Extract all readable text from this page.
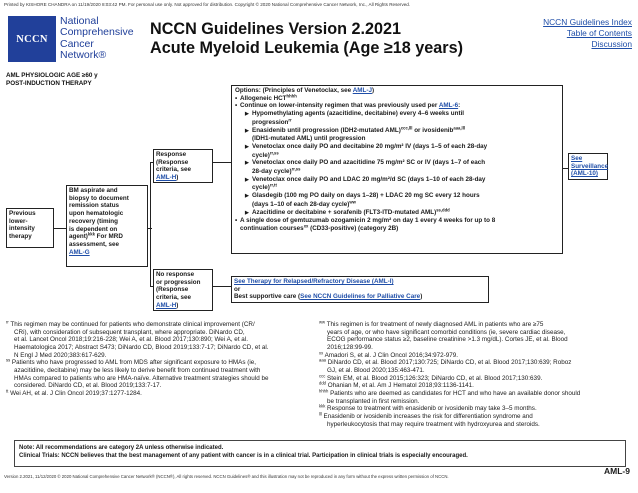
Printed by KISHORE CHANDRA on 11/19/2020 8:03:42 PM. For personal use only. Not approved for distribution. Copyright © 2020 National Comprehensive Cancer Network, Inc., All Rights Reserved.
NCCN
National
Comprehensive
Cancer
Network®
NCCN Guidelines Version 2.2021
Acute Myeloid Leukemia (Age ≥18 years)
NCCN Guidelines Index
Table of Contents
Discussion
AML PHYSIOLOGIC AGE ≥60 y
POST-INDUCTION THERAPY
Previous
lower-
intensity
therapy
BM aspirate and
biopsy to document
remission status
upon hematologic
recovery (timing
is dependent on
agent)$^{kkk}$ For MRD
assessment, see
AML-G
Response
(Response
criteria, see
AML-H)
No response
or progression
(Response
criteria, see
AML-H)
Options: (Principles of Venetoclax, see AML-J)
• Allogeneic $HCT^{hhhh}$
• Continue on lower-intensity regimen that was previously used per AML-6:
▶ Hypomethylating agents (azacitidine, decitabine) every 4–6 weeks until
progression$^{rr}$
▶ Enasidenib until progression (IDH2-mutated AML)$^{ccc,lll}$ or ivosidenib$^{aaa,lll}$
(IDH1-mutated AML) until progression
▶ Venetoclax once daily PO and decitabine 20 mg/m² IV (days 1–5 of each 28-day
cycle)$^{rr,ss}$
▶ Venetoclax once daily PO and azacitidine 75 mg/m² SC or IV (days 1–7 of each
28-day cycle)$^{rr,ss}$
▶ Venetoclax once daily PO and LDAC 20 mg/m²/d SC (days 1–10 of each 28-day
cycle)$^{rr,tt}$
▶ Glasdegib (100 mg PO daily on days 1–28) + LDAC 20 mg SC every 12 hours
(days 1–10 of each 28-day cycle)$^{ww}$
▶ Azacitidine or decitabine + sorafenib (FLT3-ITD-mutated AML)$^{ss,ddd}$
• A single dose of gemtuzumab ozogamicin 2 mg/m² on day 1 every 4 weeks for up to 8
continuation courses$^{xx}$ (CD33-positive) (category 2B)
See
Surveillance
(AML-10)
See Therapy for Relapsed/Refractory Disease (AML-I)
or
Best supportive care (See NCCN Guidelines for Palliative Care)
$^{rr}$ This regimen may be continued for patients who demonstrate clinical improvement (CR/
CRi), with consideration of subsequent transplant, where appropriate. DiNardo CD,
et al. Lancet Oncol 2018;19:216-228; Wei A, et al. Blood 2017;130:890; Wei A, et al.
Haematologica 2017; Abstract S473; DiNardo CD, Blood 2019;133:7-17; DiNardo CD, et al.
N Engl J Med 2020;383:617-629.
$^{ss}$ Patients who have progressed to AML from MDS after significant exposure to HMAs (ie,
azacitidine, decitabine) may be less likely to derive benefit from continued treatment with
HMAs compared to patients who are HMA-naïve. Alternative treatment strategies should be
considered. DiNardo CD, et al. Blood 2019;133:7-17.
$^{tt}$ Wei AH, et al. J Clin Oncol 2019;37:1277-1284.
$^{ww}$ This regimen is for treatment of newly diagnosed AML in patients who are ≥75
years of age, or who have significant comorbid conditions (ie, severe cardiac disease,
ECOG performance status ≥2, baseline creatinine >1.3 mg/dL). Cortes JE, et al. Blood
2016;128:99-99.
$^{xx}$ Amadori S, et al. J Clin Oncol 2016;34:972-979.
$^{aaa}$ DiNardo CD, et al. Blood 2017;130:725; DiNardo CD, et al. Blood 2017;130:639; Roboz
GJ, et al. Blood 2020;135:463-471.
$^{ccc}$ Stein EM, et al. Blood 2015;126:323; DiNardo CD, et al. Blood 2017;130:639.
$^{ddd}$ Ohanian M, et al. Am J Hematol 2018;93:1136-1141.
$^{hhhh}$ Patients who are deemed as candidates for HCT and who have an available donor should
be transplanted in first remission.
$^{kkk}$ Response to treatment with enasidenib or ivosidenib may take 3–5 months.
$^{lll}$ Enasidenib or ivosidenib increases the risk for differentiation syndrome and
hyperleukocytosis that may require treatment with hydroxyurea and steroids.
Note: All recommendations are category 2A unless otherwise indicated.
Clinical Trials: NCCN believes that the best management of any patient with cancer is in a clinical trial. Participation in clinical trials is especially encouraged.
AML-9
Version 2.2021, 11/12/2020 © 2020 National Comprehensive Cancer Network® (NCCN®), All rights reserved. NCCN Guidelines® and this illustration may not be reproduced in any form without the express written permission of NCCN.
